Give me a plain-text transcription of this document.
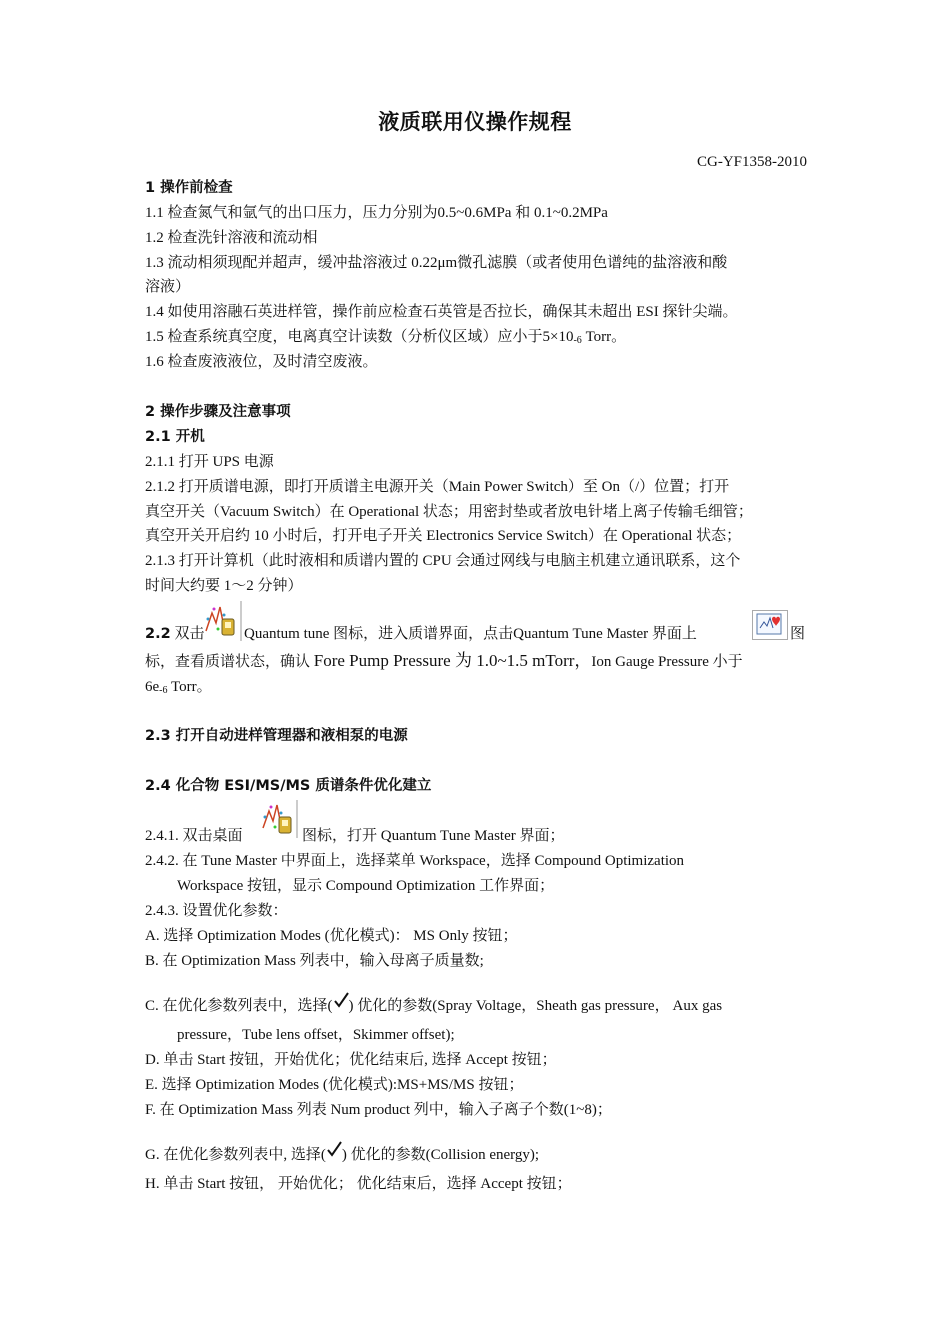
液质联用仪操作规程
CG-YF1358-2010
1 操作前检查
1.1 检查氮气和氩气的出口压力，压力分别为0.5~0.6MPa 和 0.1~0.2MPa
1.2 检查洗针溶液和流动相
1.3 流动相须现配并超声，缓冲盐溶液过 0.22μm微孔滤膜（或者使用色谱纯的盐溶液和酸
溶液）
1.4 如使用溶融石英进样管，操作前应检查石英管是否拉长，确保其未超出 ESI 探针尖端。
1.5 检查系统真空度，电离真空计读数（分析仪区域）应小于$5\times 10_{-6}$ Torr。
1.6 检查废液液位，及时清空废液。
2 操作步骤及注意事项
2.1 开机
2.1.1 打开 UPS 电源
2.1.2 打开质谱电源，即打开质谱主电源开关（Main Power Switch）至 On（/）位置；打开
真空开关（Vacuum Switch）在 Operational 状态；用密封垫或者放电针堵上离子传输毛细管；
真空开关开启约 10 小时后，打开电子开关 Electronics Service Switch）在 Operational 状态；
2.1.3 打开计算机（此时液相和质谱内置的 CPU 会通过网线与电脑主机建立通讯联系，这个
时间大约要 1～2 分钟）
2.2 双击	Quantum tune 图标，进入质谱界面，点击Quantum Tune Master 界面上	图
标，查看质谱状态，确认 Fore Pump Pressure 为 1.0~1.5 mTorr，Ion Gauge Pressure 小于
$6e_{-6}$ Torr。
2.3 打开自动进样管理器和液相泵的电源
2.4 化合物 ESI/MS/MS 质谱条件优化建立
2.4.1. 双击桌面	图标，打开 Quantum Tune Master 界面；
2.4.2. 在 Tune Master 中界面上，选择菜单 Workspace，选择 Compound Optimization
Workspace 按钮，显示 Compound Optimization 工作界面；
2.4.3. 设置优化参数：
A. 选择 Optimization Modes (优化模式)： MS Only 按钮；
B. 在 Optimization Mass 列表中，输入母离子质量数;
C. 在优化参数列表中，选择( ) 优化的参数(Spray Voltage，Sheath gas pressure， Aux gas
pressure，Tube lens offset，Skimmer offset);
D. 单击 Start 按钮，开始优化；优化结束后, 选择 Accept 按钮；
E. 选择 Optimization Modes (优化模式):MS+MS/MS 按钮；
F. 在 Optimization Mass 列表 Num product 列中，输入子离子个数(1~8)；
G. 在优化参数列表中, 选择( ) 优化的参数(Collision energy);
H. 单击 Start 按钮， 开始优化； 优化结束后，选择 Accept 按钮；
